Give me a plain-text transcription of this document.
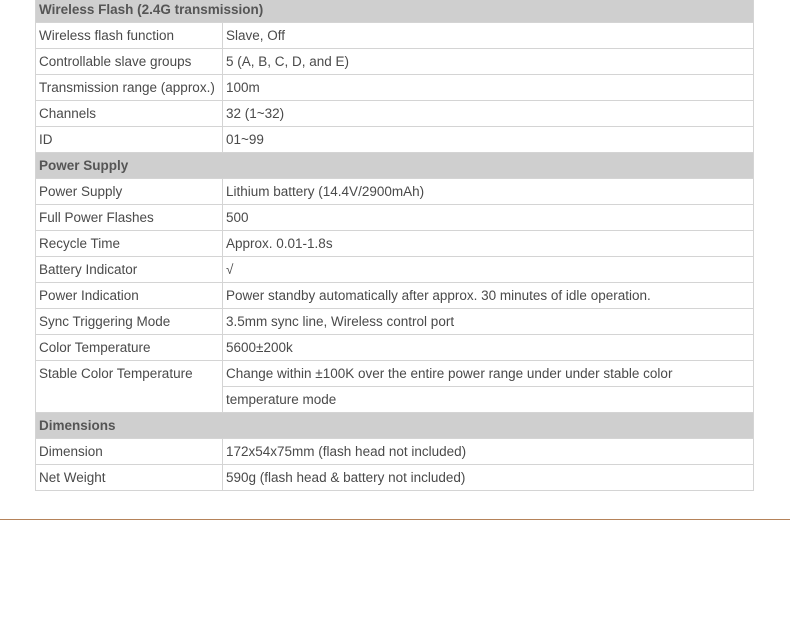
Wireless Flash (2.4G transmission)	
Wireless flash function	Slave, Off
Controllable slave groups	5 (A, B, C, D, and E)
Transmission range (approx.)	100m
Channels	32 (1~32)
ID	01~99
Power Supply	
Power Supply	Lithium battery (14.4V/2900mAh)
Full Power Flashes	500
Recycle Time	Approx. 0.01-1.8s
Battery Indicator	√
Power Indication	Power standby automatically after approx. 30 minutes of idle operation.
Sync Triggering Mode	3.5mm sync line, Wireless control port
Color Temperature	5600±200k
Stable Color Temperature	Change within ±100K over the entire power range under under stable color
temperature mode

Dimensions	
Dimension	172x54x75mm (flash head not included)
Net Weight	590g (flash head & battery not included)
